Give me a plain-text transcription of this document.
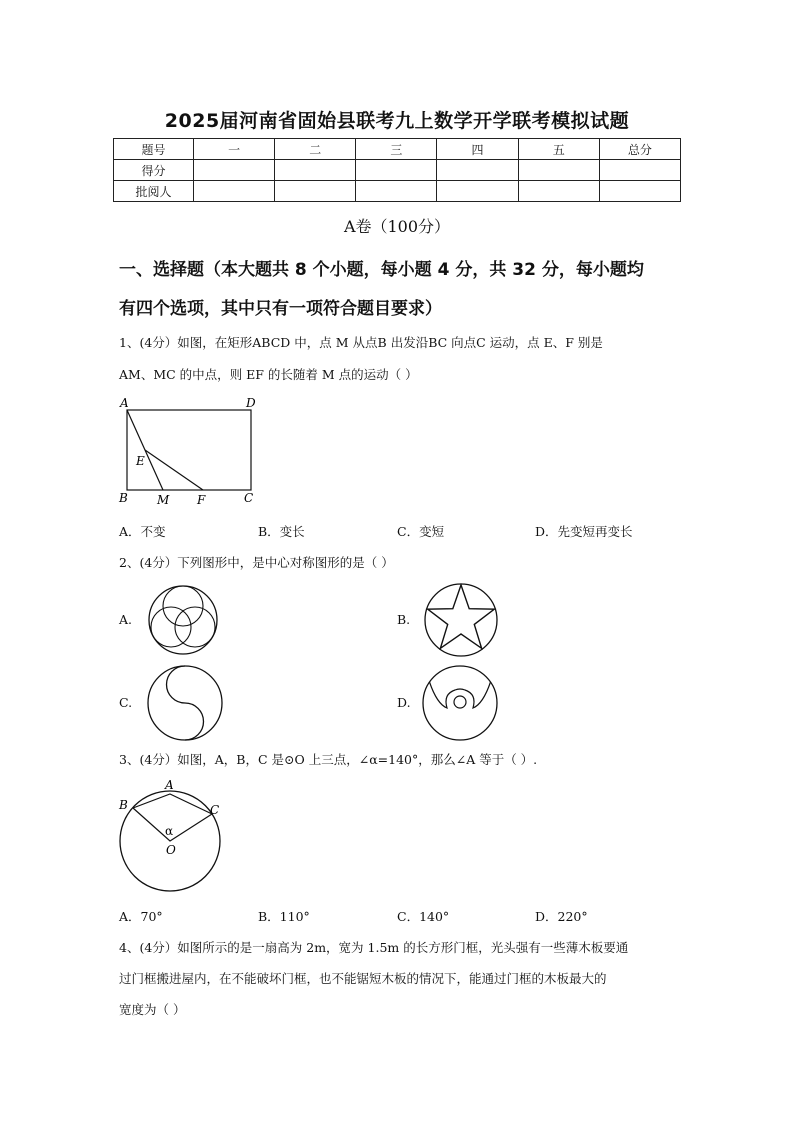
2025届河南省固始县联考九上数学开学联考模拟试题
题号	一	二	三	四	五	总分
得分						
批阅人						
A卷（100分）
一、选择题（本大题共 8 个小题，每小题 4 分，共 32 分，每小题均
有四个选项，其中只有一项符合题目要求）
1、(4分）如图，在矩形ABCD 中，点 M 从点B 出发沿BC 向点C 运动，点 E、F 别是
AM、MC 的中点，则 EF 的长随着 M 点的运动（ ）
A	D
E
B M F	C
A．不变	B．变长	C．变短	D．先变短再变长
2、(4分）下列图形中，是中心对称图形的是（ ）
A.	B.
C.	D.
3、(4分）如图，A，B，C 是⊙O 上三点，∠α=140°，那么∠A 等于（ ）.
A
B	C
α
O
A．70°	B．110°	C．140°	D．220°
4、(4分）如图所示的是一扇高为 2m，宽为 1.5m 的长方形门框，光头强有一些薄木板要通
过门框搬进屋内，在不能破坏门框，也不能锯短木板的情况下，能通过门框的木板最大的
宽度为（ ）
